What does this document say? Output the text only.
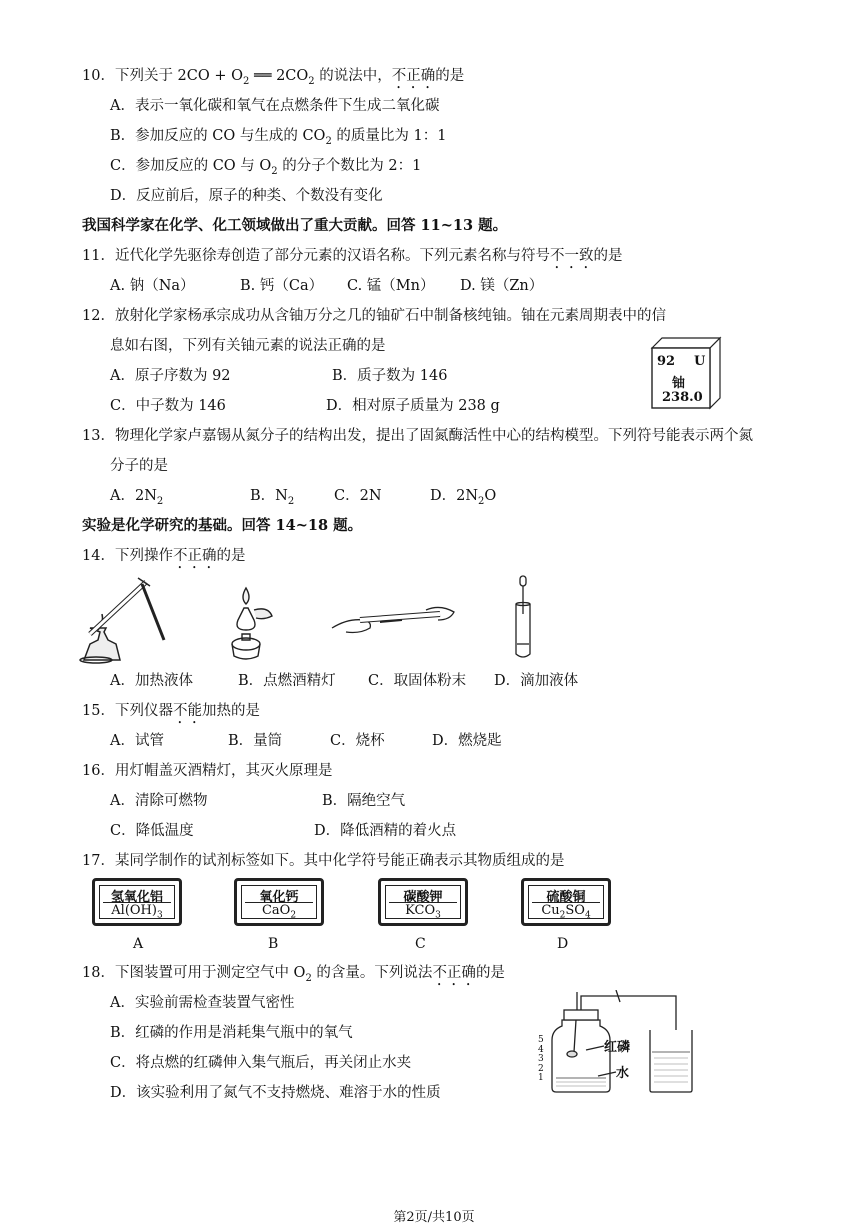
10．下列关于 $2CO + O_2$ ══ $2CO_2$ 的说法中，不正确的是
A．表示一氧化碳和氧气在点燃条件下生成二氧化碳
B．参加反应的 CO 与生成的 $CO_2$ 的质量比为 1：1
C．参加反应的 CO 与 $O_2$ 的分子个数比为 2：1
D．反应前后，原子的种类、个数没有变化
我国科学家在化学、化工领域做出了重大贡献。回答 11~13 题。
11．近代化学先驱徐寿创造了部分元素的汉语名称。下列元素名称与符号不一致的是
A. 钠（Na）	B. 钙（Ca） C. 锰（Mn） D. 镁（Zn）
12．放射化学家杨承宗成功从含铀万分之几的铀矿石中制备核纯铀。铀在元素周期表中的信
息如右图，下列有关铀元素的说法正确的是
A．原子序数为 92	B．质子数为 146
C．中子数为 146	D．相对原子质量为 238 g
92 U
铀
238.0
13．物理化学家卢嘉锡从氮分子的结构出发，提出了固氮酶活性中心的结构模型。下列符号能表示两个氮
分子的是
A．$2N_2$	B．$N_2$	C．2N	D．$2N_2O$
实验是化学研究的基础。回答 14~18 题。
14．下列操作不正确的是
A．加热液体	B．点燃酒精灯 C．取固体粉末 D．滴加液体
15．下列仪器不能加热的是
A．试管	B．量筒	C．烧杯	D．燃烧匙
16．用灯帽盖灭酒精灯，其灭火原理是
A．清除可燃物	B．隔绝空气
C．降低温度	D．降低酒精的着火点
17．某同学制作的试剂标签如下。其中化学符号能正确表示其物质组成的是
氢氧化铝
$Al(OH)_3$
氧化钙
CaO$_2$
碳酸钾
$KCO_3$
硫酸铜
$Cu_2SO_4$
A	B	C	D
18．下图装置可用于测定空气中 $O_2$ 的含量。下列说法不正确的是
A．实验前需检查装置气密性
B．红磷的作用是消耗集气瓶中的氧气
C．将点燃的红磷伸入集气瓶后，再关闭止水夹
D．该实验利用了氮气不支持燃烧、难溶于水的性质
5
4
3
2
1
红磷
水
第2页/共10页
